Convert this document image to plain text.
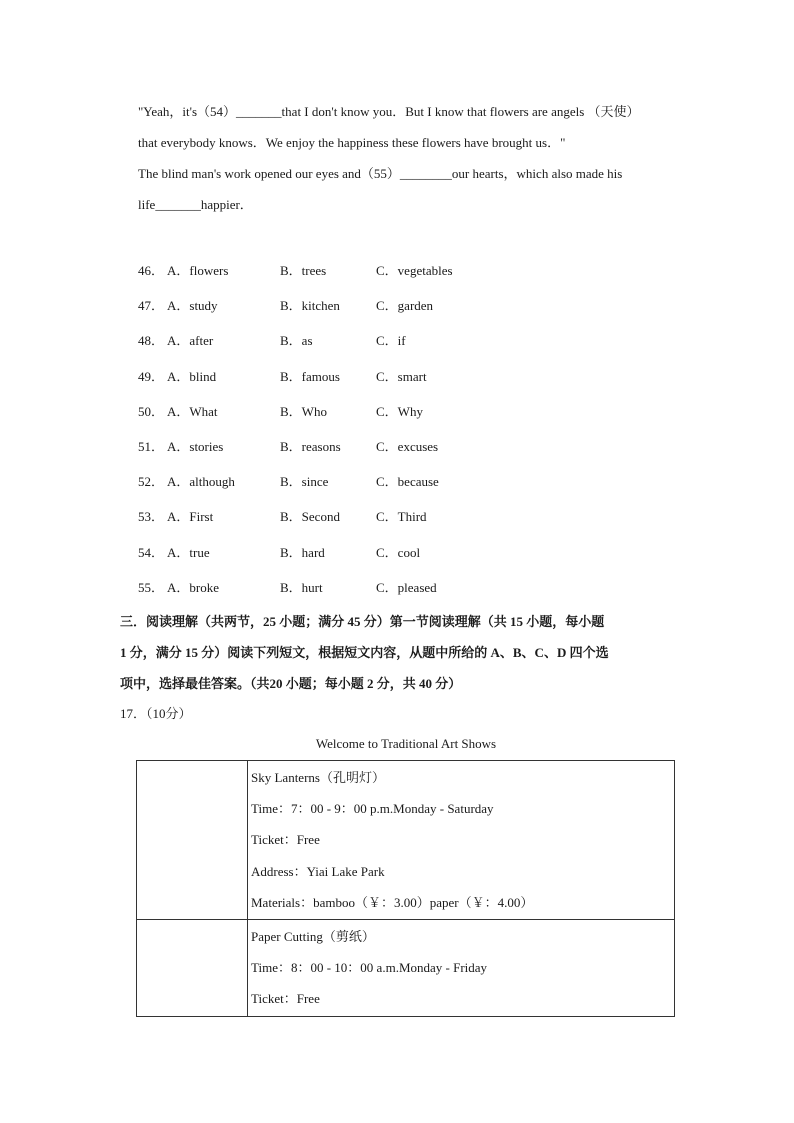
"Yeah，it's（54）_______that I don't know you．But I know that flowers are angels （天使）
that everybody knows．We enjoy the happiness these flowers have brought us．"
The blind man's work opened our eyes and（55）________our hearts，which also made his
life_______happier．
46． A．flowers	B．trees	C．vegetables
47． A．study	B．kitchen	C．garden
48． A．after	B．as	C．if
49． A．blind	B．famous	C．smart
50． A．What	B．Who	C．Why
51． A．stories	B．reasons	C．excuses
52． A．although	B．since	C．because
53． A．First	B．Second	C．Third
54． A．true	B．hard	C．cool
55． A．broke	B．hurt	C．pleased
三．阅读理解（共两节，25 小题；满分 45 分）第一节阅读理解（共 15 小题，每小题
1 分，满分 15 分）阅读下列短文，根据短文内容，从题中所给的 A、B、C、D 四个选
项中，选择最佳答案。（共20 小题；每小题 2 分，共 40 分）
17．（10分）
Welcome to Traditional Art Shows

	Sky Lanterns（孔明灯）
Time：7：00 - 9：00 p.m.Monday - Saturday
Ticket：Free
Address：Yiai Lake Park
Materials：bamboo（￥：3.00）paper（￥：4.00）

	Paper Cutting（剪纸）
Time：8：00 - 10：00 a.m.Monday - Friday
Ticket：Free
